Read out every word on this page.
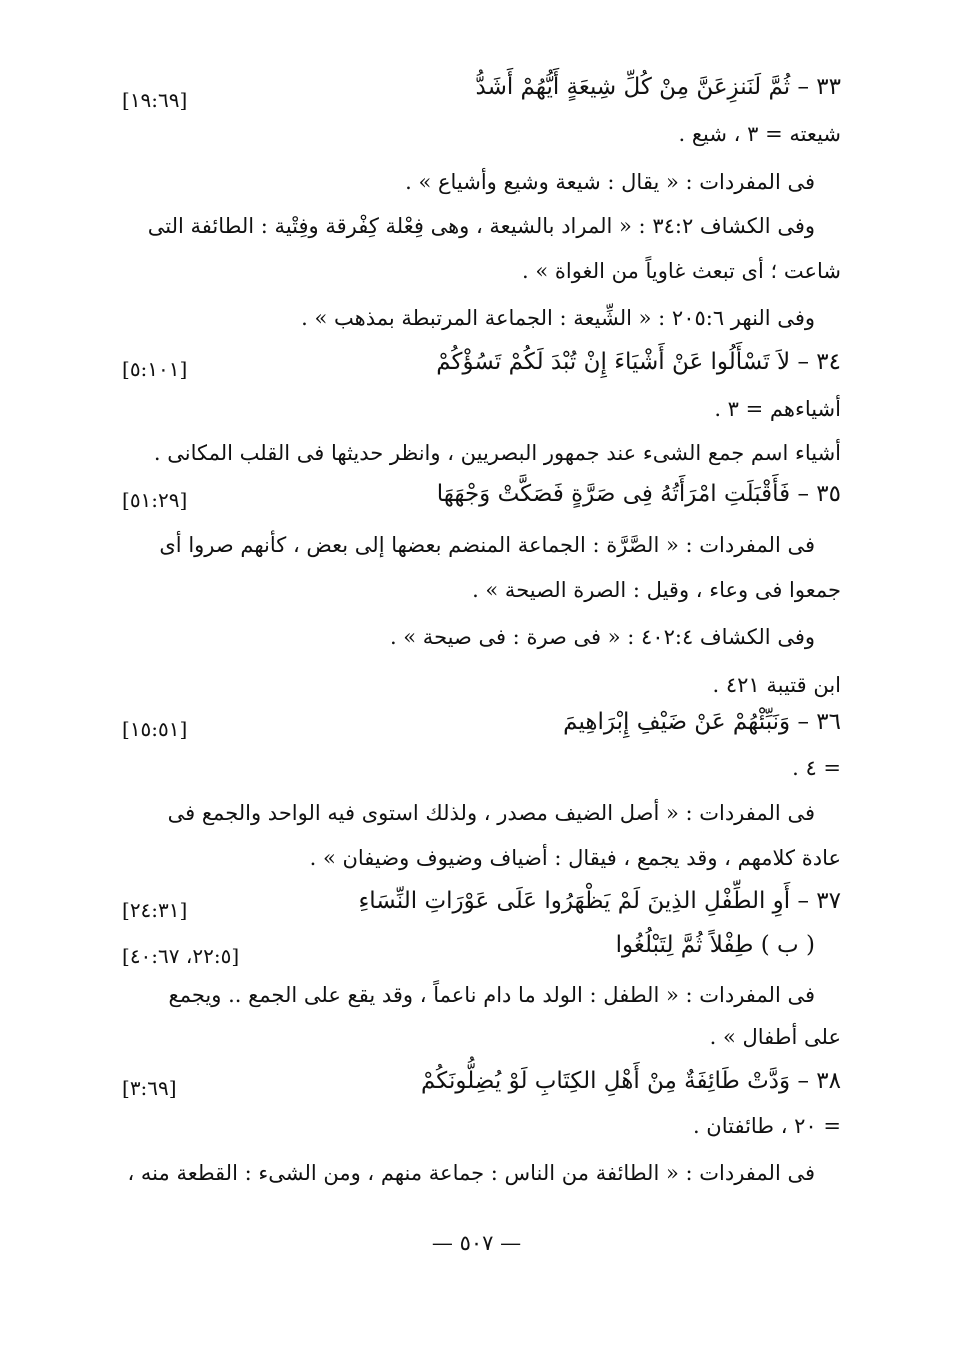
٣٣ – ثُمَّ لَنَنزِعَنَّ مِنْ كُلِّ شِيعَةٍ أَيُّهُمْ أَشَدُّ
[١٩:٦٩]
شيعته = ٣ ، شيع .
فى المفردات : « يقال : شيعة وشيع وأشياع » .
وفى الكشاف ٣٤:٢ : « المراد بالشيعة ، وهى فِعْلة كِفْرقة وفِتْية : الطائفة التى
شاعت ؛ أى تبعث غاوياً من الغواة » .
وفى النهر ٢٠٥:٦ : « الشِّيعة : الجماعة المرتبطة بمذهب » .
٣٤ – لاَ تَسْأَلُوا عَنْ أَشْيَاءَ إِنْ تُبْدَ لَكُمْ تَسُؤْكُمْ
[٥:١٠١]
أشياءهم = ٣ .
أشياء اسم جمع الشىء عند جمهور البصريين ، وانظر حديثها فى القلب المكانى .
٣٥ – فَأَقْبَلَتِ امْرَأَتُهُ فِى صَرَّةٍ فَصَكَّتْ وَجْهَهَا
[٥١:٢٩]
فى المفردات : « الصَّرَّة : الجماعة المنضم بعضها إلى بعض ، كأنهم صروا أى
جمعوا فى وعاء ، وقيل : الصرة الصيحة » .
وفى الكشاف ٤٠٢:٤ : « فى صرة : فى صيحة » .
ابن قتيبة ٤٢١ .
٣٦ – وَنَبِّئْهُمْ عَنْ ضَيْفِ إِبْرَاهِيمَ
[١٥:٥١]
= ٤ .
فى المفردات : « أصل الضيف مصدر ، ولذلك استوى فيه الواحد والجمع فى
عادة كلامهم ، وقد يجمع ، فيقال : أضياف وضيوف وضيفان » .
٣٧ – أَوِ الطِّفْلِ الذِينَ لَمْ يَظْهَرُوا عَلَى عَوْرَاتِ النِّسَاءِ
[٢٤:٣١]
( ب ) طِفْلاً ثُمَّ لِتَبْلُغُوا
[٢٢:٥، ٤٠:٦٧]
فى المفردات : « الطفل : الولد ما دام ناعماً ، وقد يقع على الجمع .. ويجمع
على أطفال » .
٣٨ – وَدَّتْ طَائِفَةٌ مِنْ أَهْلِ الكِتَابِ لَوْ يُضِلُّونَكُمْ
[٣:٦٩]
= ٢٠ ، طائفتان .
فى المفردات : « الطائفة من الناس : جماعة منهم ، ومن الشىء : القطعة منه ،
— ٥٠٧ —
